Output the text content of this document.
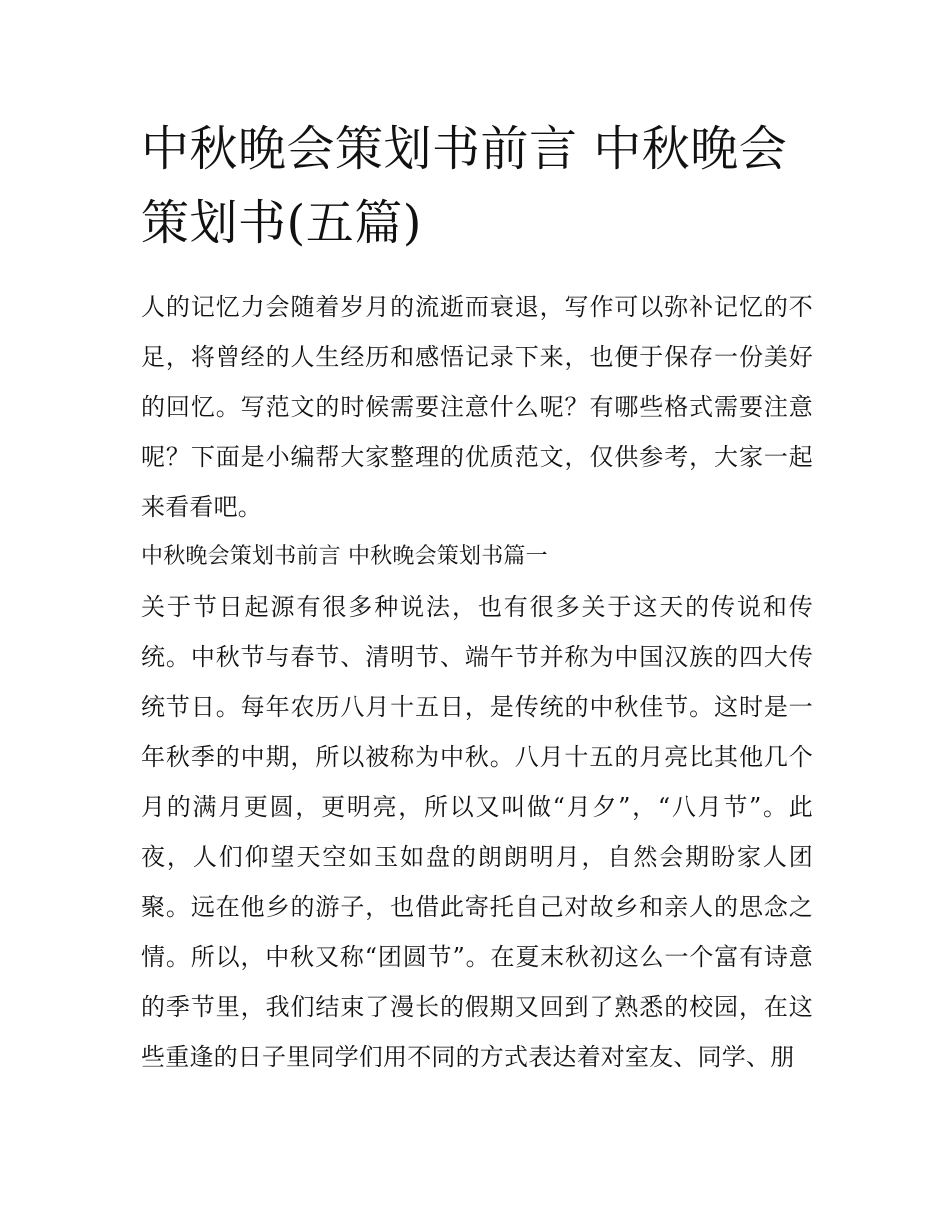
中秋晚会策划书前言 中秋晚会策划书(五篇)

人的记忆力会随着岁月的流逝而衰退，写作可以弥补记忆的不足，将曾经的人生经历和感悟记录下来，也便于保存一份美好的回忆。写范文的时候需要注意什么呢？有哪些格式需要注意呢？下面是小编帮大家整理的优质范文，仅供参考，大家一起来看看吧。

中秋晚会策划书前言 中秋晚会策划书篇一

关于节日起源有很多种说法，也有很多关于这天的传说和传统。中秋节与春节、清明节、端午节并称为中国汉族的四大传统节日。每年农历八月十五日，是传统的中秋佳节。这时是一年秋季的中期，所以被称为中秋。八月十五的月亮比其他几个月的满月更圆，更明亮，所以又叫做“月夕”，“八月节”。此夜，人们仰望天空如玉如盘的朗朗明月，自然会期盼家人团聚。远在他乡的游子，也借此寄托自己对故乡和亲人的思念之情。所以，中秋又称“团圆节”。在夏末秋初这么一个富有诗意的季节里，我们结束了漫长的假期又回到了熟悉的校园，在这些重逢的日子里同学们用不同的方式表达着对室友、同学、朋
